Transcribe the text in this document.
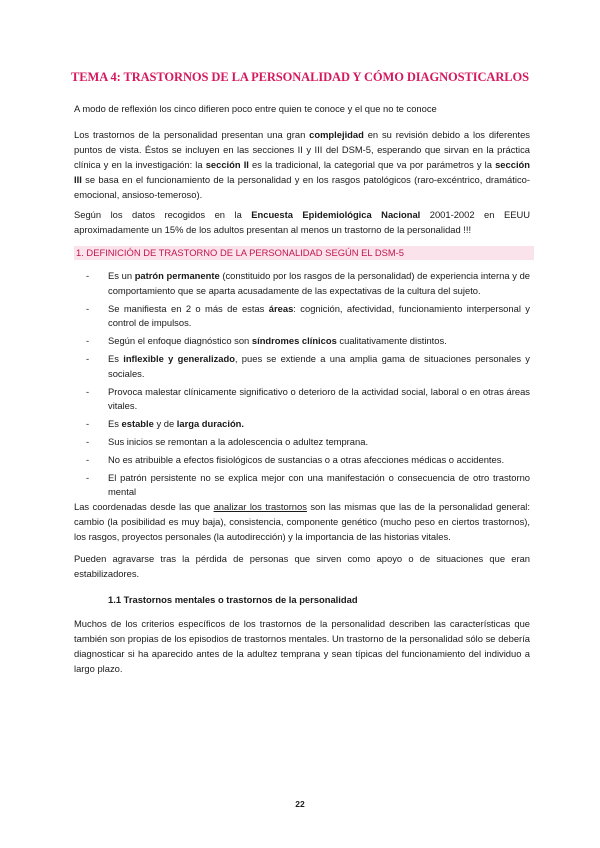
TEMA 4: TRASTORNOS DE LA PERSONALIDAD Y CÓMO DIAGNOSTICARLOS

A modo de reflexión los cinco difieren poco entre quien te conoce y el que no te conoce

Los trastornos de la personalidad presentan una gran complejidad en su revisión debido a los diferentes puntos de vista. Éstos se incluyen en las secciones II y III del DSM-5, esperando que sirvan en la práctica clínica y en la investigación: la sección II es la tradicional, la categorial que va por parámetros y la sección III se basa en el funcionamiento de la personalidad y en los rasgos patológicos (raro-excéntrico, dramático-emocional, ansioso-temeroso).

Según los datos recogidos en la Encuesta Epidemiológica Nacional 2001-2002 en EEUU aproximadamente un 15% de los adultos presentan al menos un trastorno de la personalidad !!!

1. DEFINICIÓN DE TRASTORNO DE LA PERSONALIDAD SEGÚN EL DSM-5
- Es un patrón permanente (constituido por los rasgos de la personalidad) de experiencia interna y de comportamiento que se aparta acusadamente de las expectativas de la cultura del sujeto.
- Se manifiesta en 2 o más de estas áreas: cognición, afectividad, funcionamiento interpersonal y control de impulsos.
- Según el enfoque diagnóstico son síndromes clínicos cualitativamente distintos.
- Es inflexible y generalizado, pues se extiende a una amplia gama de situaciones personales y sociales.
- Provoca malestar clínicamente significativo o deterioro de la actividad social, laboral o en otras áreas vitales.
- Es estable y de larga duración.
- Sus inicios se remontan a la adolescencia o adultez temprana.
- No es atribuible a efectos fisiológicos de sustancias o a otras afecciones médicas o accidentes.
- El patrón persistente no se explica mejor con una manifestación o consecuencia de otro trastorno mental

Las coordenadas desde las que analizar los trastornos son las mismas que las de la personalidad general: cambio (la posibilidad es muy baja), consistencia, componente genético (mucho peso en ciertos trastornos), los rasgos, proyectos personales (la autodirección) y la importancia de las historias vitales.

Pueden agravarse tras la pérdida de personas que sirven como apoyo o de situaciones que eran estabilizadores.

1.1 Trastornos mentales o trastornos de la personalidad

Muchos de los criterios específicos de los trastornos de la personalidad describen las características que también son propias de los episodios de trastornos mentales. Un trastorno de la personalidad sólo se debería diagnosticar si ha aparecido antes de la adultez temprana y sean típicas del funcionamiento del individuo a largo plazo.

22
